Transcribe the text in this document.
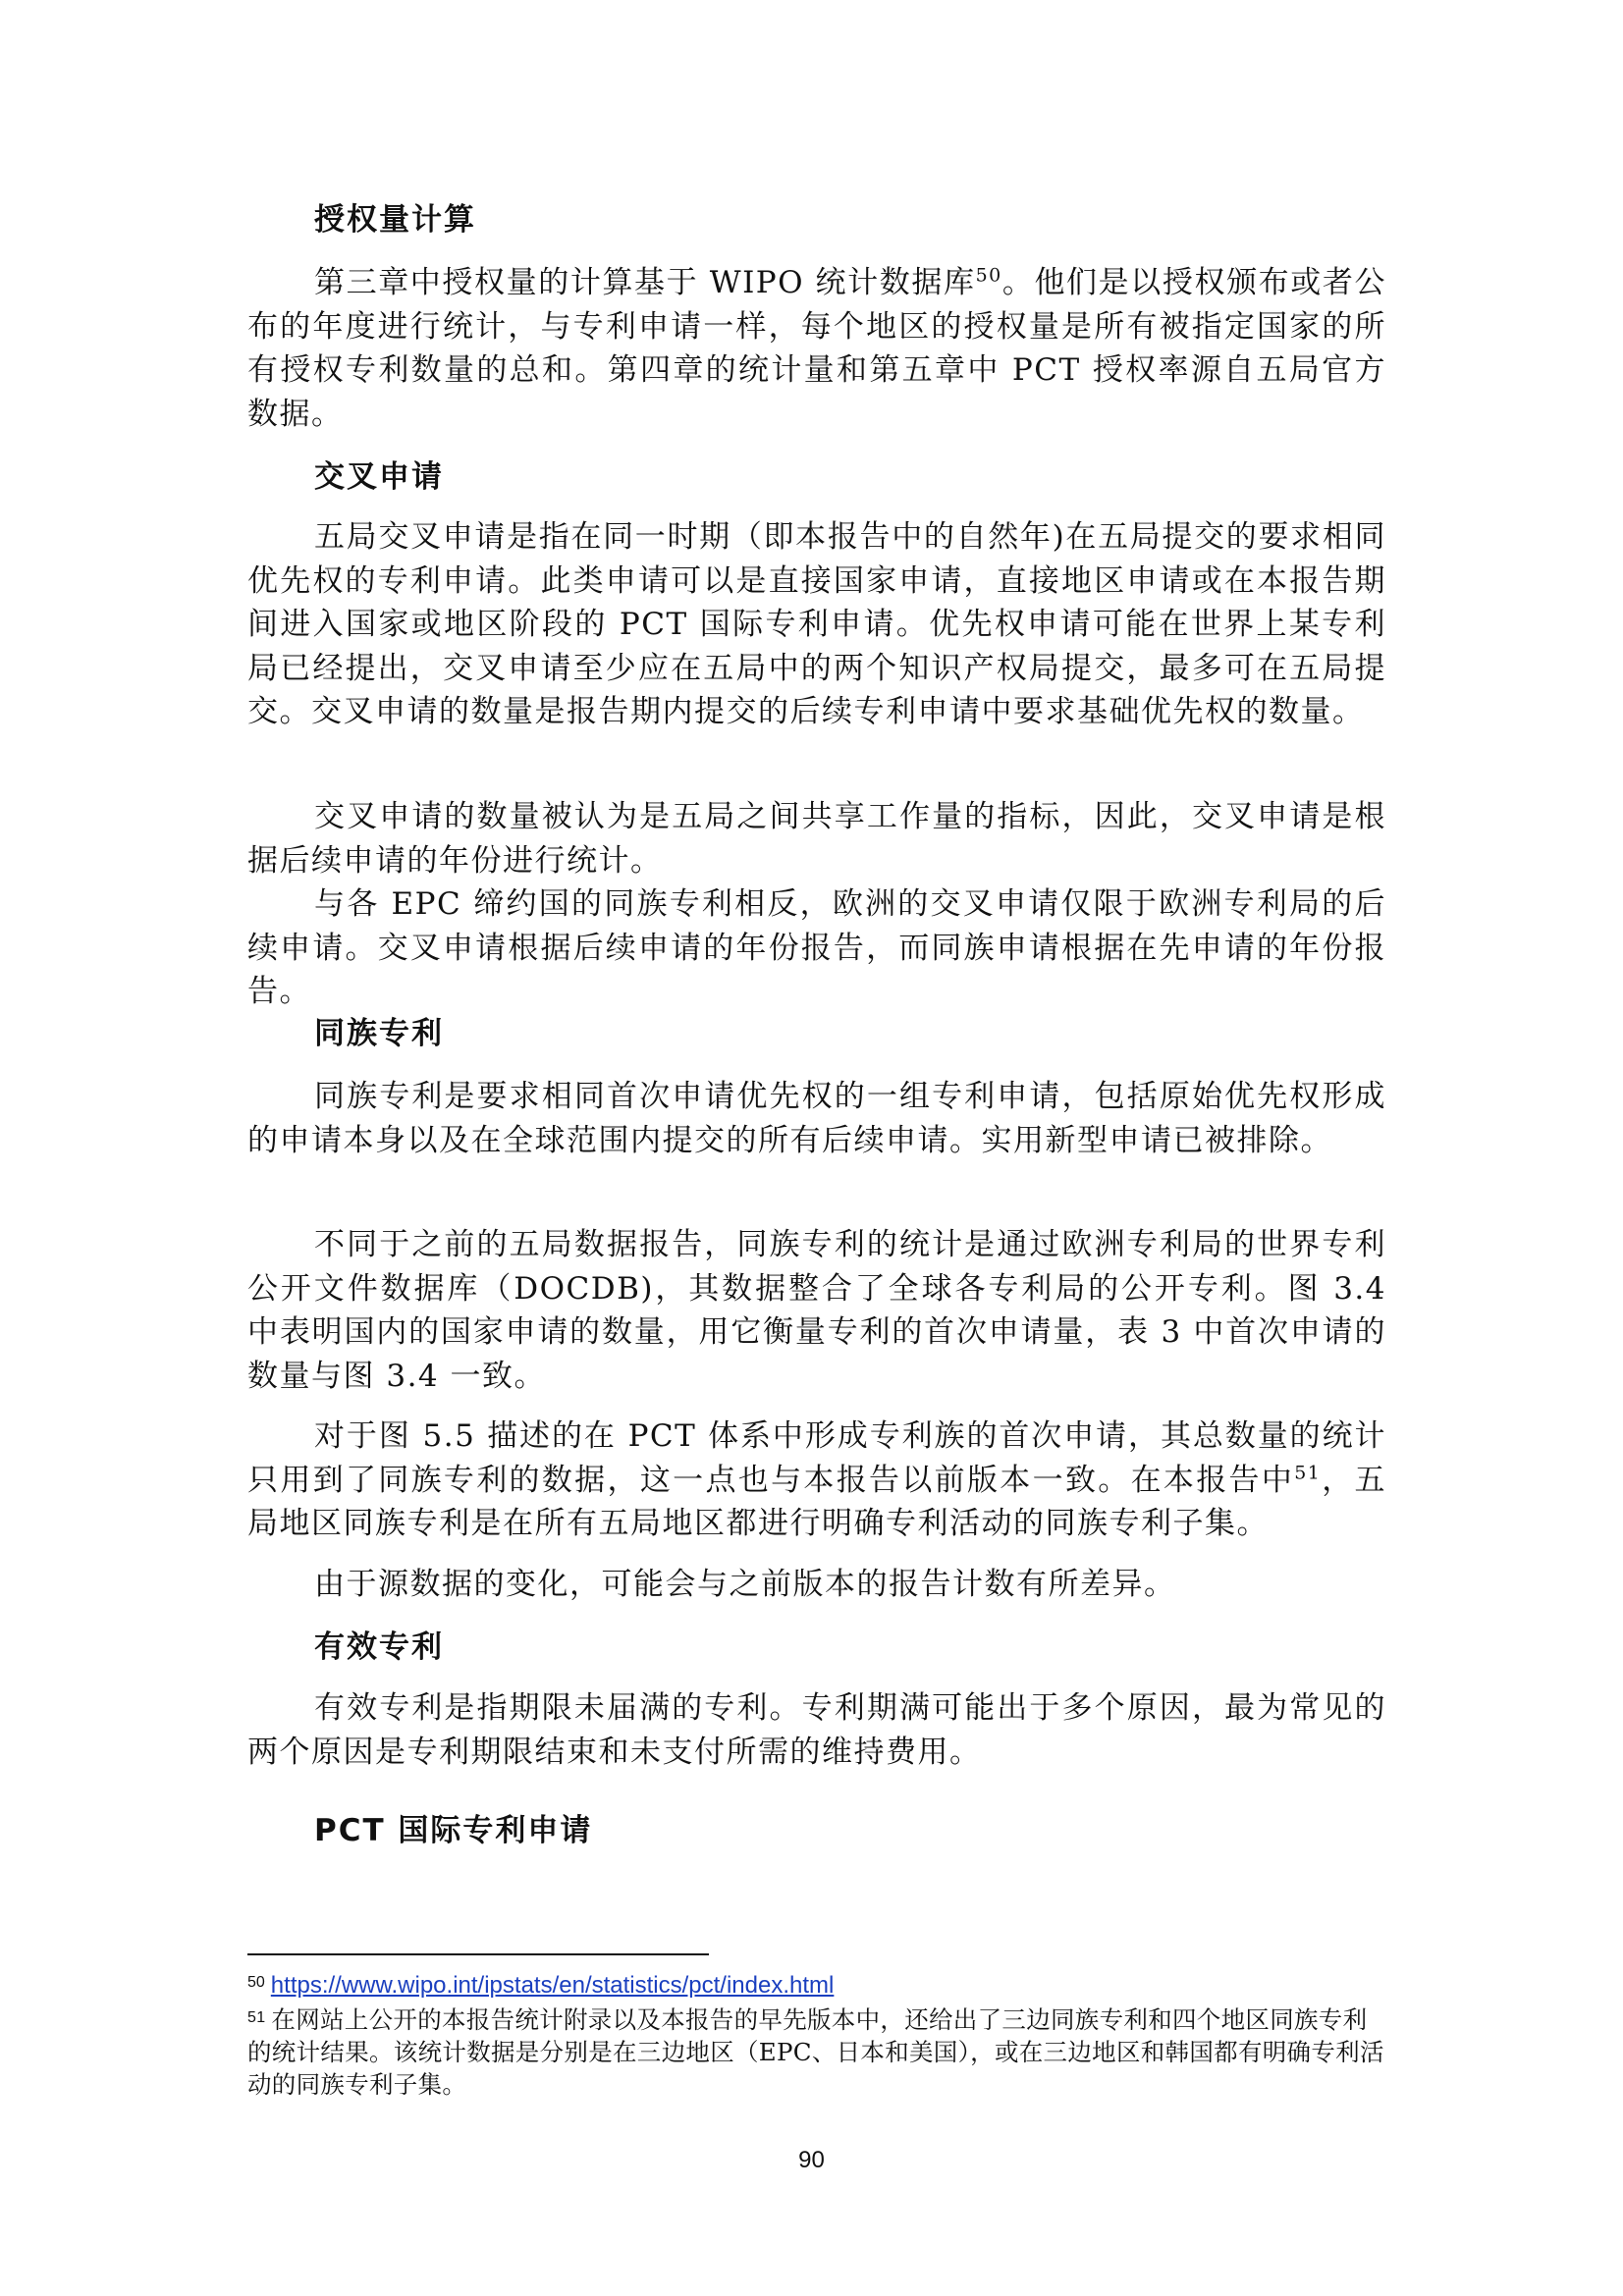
授权量计算

第三章中授权量的计算基于 WIPO 统计数据库$^{50}$。他们是以授权颁布或者公布的年度进行统计，与专利申请一样，每个地区的授权量是所有被指定国家的所有授权专利数量的总和。第四章的统计量和第五章中 PCT 授权率源自五局官方数据。

交叉申请

五局交叉申请是指在同一时期（即本报告中的自然年)在五局提交的要求相同优先权的专利申请。此类申请可以是直接国家申请，直接地区申请或在本报告期间进入国家或地区阶段的 PCT 国际专利申请。优先权申请可能在世界上某专利局已经提出，交叉申请至少应在五局中的两个知识产权局提交，最多可在五局提交。交叉申请的数量是报告期内提交的后续专利申请中要求基础优先权的数量。

交叉申请的数量被认为是五局之间共享工作量的指标，因此，交叉申请是根据后续申请的年份进行统计。

与各 EPC 缔约国的同族专利相反，欧洲的交叉申请仅限于欧洲专利局的后续申请。交叉申请根据后续申请的年份报告，而同族申请根据在先申请的年份报告。

同族专利

同族专利是要求相同首次申请优先权的一组专利申请，包括原始优先权形成的申请本身以及在全球范围内提交的所有后续申请。实用新型申请已被排除。

不同于之前的五局数据报告，同族专利的统计是通过欧洲专利局的世界专利公开文件数据库（DOCDB)，其数据整合了全球各专利局的公开专利。图 3.4 中表明国内的国家申请的数量，用它衡量专利的首次申请量，表 3 中首次申请的数量与图 3.4 一致。

对于图 5.5 描述的在 PCT 体系中形成专利族的首次申请，其总数量的统计只用到了同族专利的数据，这一点也与本报告以前版本一致。在本报告中$^{51}$，五局地区同族专利是在所有五局地区都进行明确专利活动的同族专利子集。

由于源数据的变化，可能会与之前版本的报告计数有所差异。

有效专利

有效专利是指期限未届满的专利。专利期满可能出于多个原因，最为常见的两个原因是专利期限结束和未支付所需的维持费用。

PCT 国际专利申请

$^{50}$ https://www.wipo.int/ipstats/en/statistics/pct/index.html

$^{51}$ 在网站上公开的本报告统计附录以及本报告的早先版本中，还给出了三边同族专利和四个地区同族专利的统计结果。该统计数据是分别是在三边地区（EPC、日本和美国），或在三边地区和韩国都有明确专利活动的同族专利子集。

90
